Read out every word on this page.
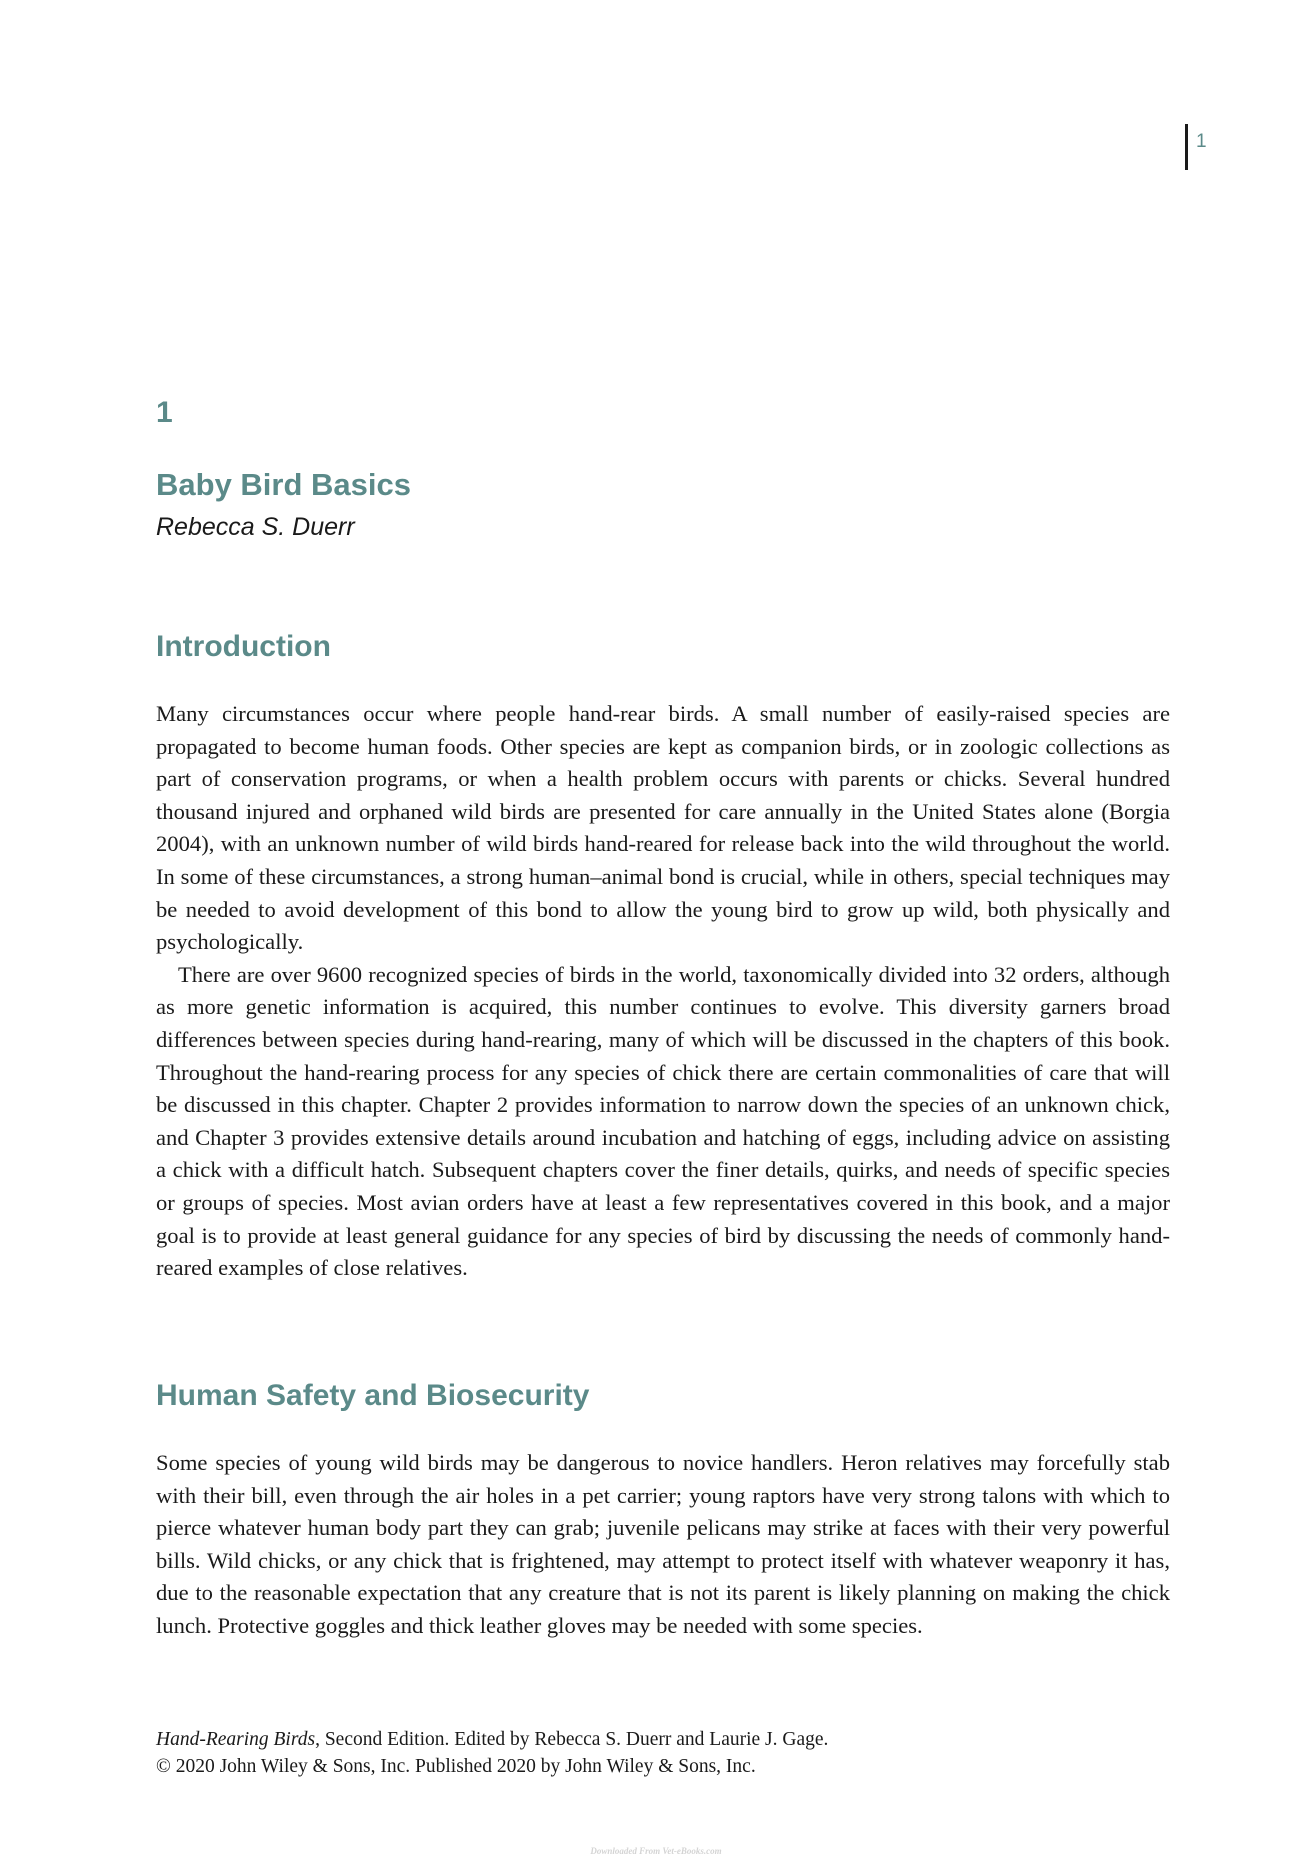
1
1
Baby Bird Basics

Rebecca S. Duerr

Introduction

Many circumstances occur where people hand-rear birds. A small number of easily-raised species are propagated to become human foods. Other species are kept as companion birds, or in zoologic collections as part of conservation programs, or when a health problem occurs with parents or chicks. Several hundred thousand injured and orphaned wild birds are presented for care annually in the United States alone (Borgia 2004), with an unknown number of wild birds hand-reared for release back into the wild throughout the world. In some of these circumstances, a strong human–animal bond is crucial, while in others, special techniques may be needed to avoid development of this bond to allow the young bird to grow up wild, both physically and psychologically.

There are over 9600 recognized species of birds in the world, taxonomically divided into 32 orders, although as more genetic information is acquired, this number continues to evolve. This diversity garners broad differences between species during hand-rearing, many of which will be discussed in the chapters of this book. Throughout the hand-rearing process for any species of chick there are certain commonalities of care that will be discussed in this chapter. Chapter 2 provides information to narrow down the species of an unknown chick, and Chapter 3 provides extensive details around incubation and hatching of eggs, including advice on assisting a chick with a difficult hatch. Subsequent chapters cover the finer details, quirks, and needs of specific species or groups of species. Most avian orders have at least a few representatives covered in this book, and a major goal is to provide at least general guidance for any species of bird by discussing the needs of commonly hand-reared examples of close relatives.

Human Safety and Biosecurity

Some species of young wild birds may be dangerous to novice handlers. Heron relatives may forcefully stab with their bill, even through the air holes in a pet carrier; young raptors have very strong talons with which to pierce whatever human body part they can grab; juvenile pelicans may strike at faces with their very powerful bills. Wild chicks, or any chick that is frightened, may attempt to protect itself with whatever weaponry it has, due to the reasonable expectation that any creature that is not its parent is likely planning on making the chick lunch. Protective goggles and thick leather gloves may be needed with some species.

Hand-Rearing Birds, Second Edition. Edited by Rebecca S. Duerr and Laurie J. Gage.

© 2020 John Wiley & Sons, Inc. Published 2020 by John Wiley & Sons, Inc.

Downloaded From Vet-eBooks.com
